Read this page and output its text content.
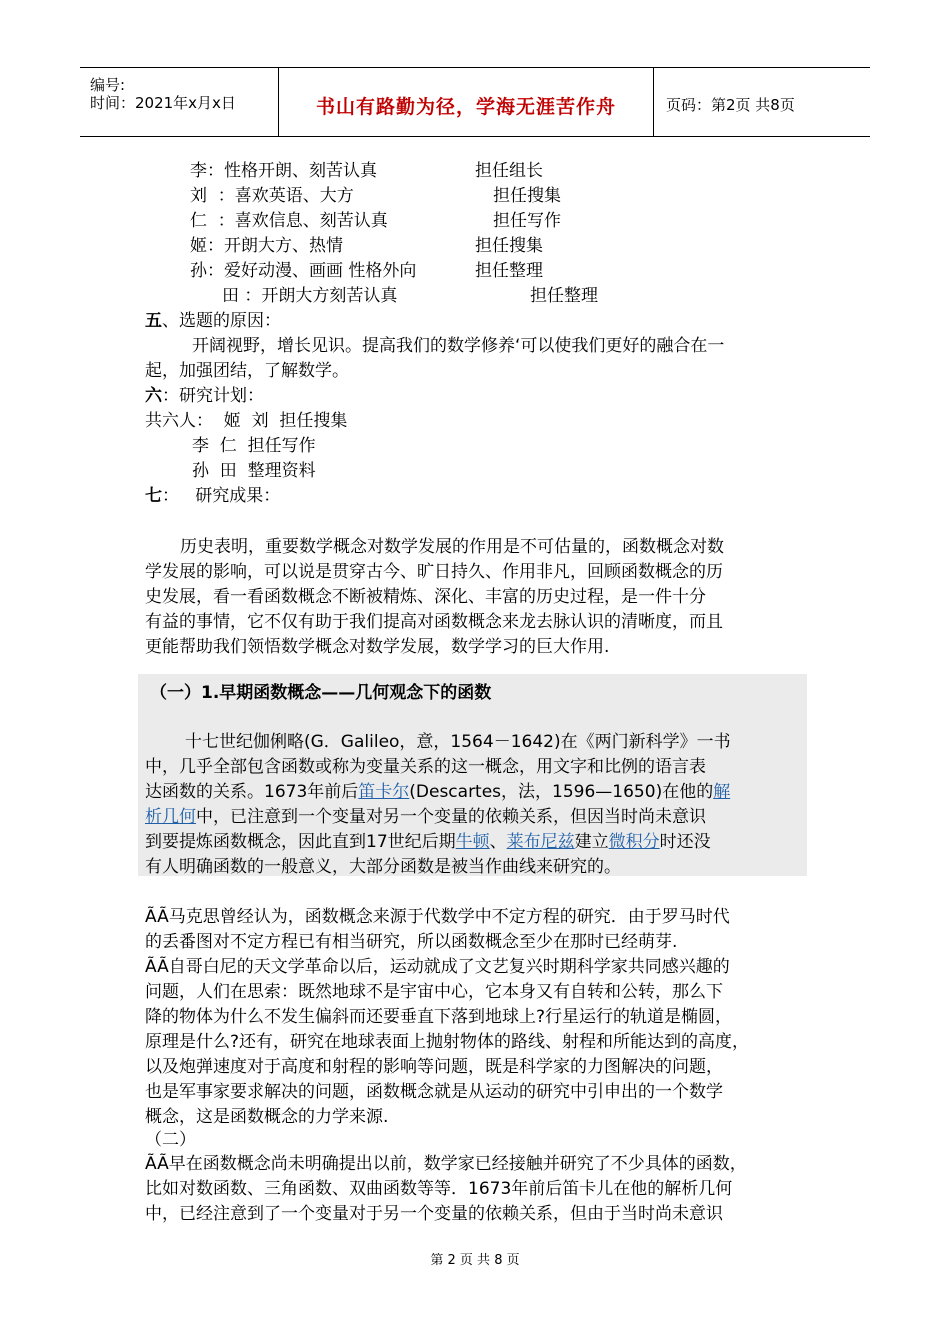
编号:
时间：2021年x月x日	书山有路勤为径，学海无涯苦作舟	页码：第2页 共8页
李：性格开朗、刻苦认真	担任组长
刘  ：喜欢英语、大方	担任搜集
仁  ：喜欢信息、刻苦认真	担任写作
姬：开朗大方、热情	担任搜集
孙：爱好动漫、画画 性格外向	担任整理
田 ：开朗大方刻苦认真	担任整理
五、选题的原因：
开阔视野，增长见识。提高我们的数学修养‘可以使我们更好的融合在一
起，加强团结，了解数学。
六：研究计划：
共六人：  姬  刘  担任搜集
李  仁  担任写作
孙  田  整理资料
七：   研究成果：
历史表明，重要数学概念对数学发展的作用是不可估量的，函数概念对数
学发展的影响，可以说是贯穿古今、旷日持久、作用非凡，回顾函数概念的历
史发展，看一看函数概念不断被精炼、深化、丰富的历史过程，是一件十分
有益的事情，它不仅有助于我们提高对函数概念来龙去脉认识的清晰度，而且
更能帮助我们领悟数学概念对数学发展，数学学习的巨大作用.
（一）1.早期函数概念——几何观念下的函数
十七世纪伽俐略(G．Galileo，意，1564－1642)在《两门新科学》一书
中，几乎全部包含函数或称为变量关系的这一概念，用文字和比例的语言表
达函数的关系。1673年前后笛卡尔(Descartes，法，1596—1650)在他的解
析几何中，已注意到一个变量对另一个变量的依赖关系，但因当时尚未意识
到要提炼函数概念，因此直到17世纪后期牛顿、莱布尼兹建立微积分时还没
有人明确函数的一般意义，大部分函数是被当作曲线来研究的。
ÃÃ马克思曾经认为，函数概念来源于代数学中不定方程的研究．由于罗马时代
的丢番图对不定方程已有相当研究，所以函数概念至少在那时已经萌芽.
ÃÃ自哥白尼的天文学革命以后，运动就成了文艺复兴时期科学家共同感兴趣的
问题，人们在思索：既然地球不是宇宙中心，它本身又有自转和公转，那么下
降的物体为什么不发生偏斜而还要垂直下落到地球上?行星运行的轨道是椭圆，
原理是什么?还有，研究在地球表面上抛射物体的路线、射程和所能达到的高度，
以及炮弹速度对于高度和射程的影响等问题，既是科学家的力图解决的问题，
也是军事家要求解决的问题，函数概念就是从运动的研究中引申出的一个数学
概念，这是函数概念的力学来源.
（二）
ÃÃ早在函数概念尚未明确提出以前，数学家已经接触并研究了不少具体的函数，
比如对数函数、三角函数、双曲函数等等．1673年前后笛卡儿在他的解析几何
中，已经注意到了一个变量对于另一个变量的依赖关系，但由于当时尚未意识
第 2 页 共 8 页
